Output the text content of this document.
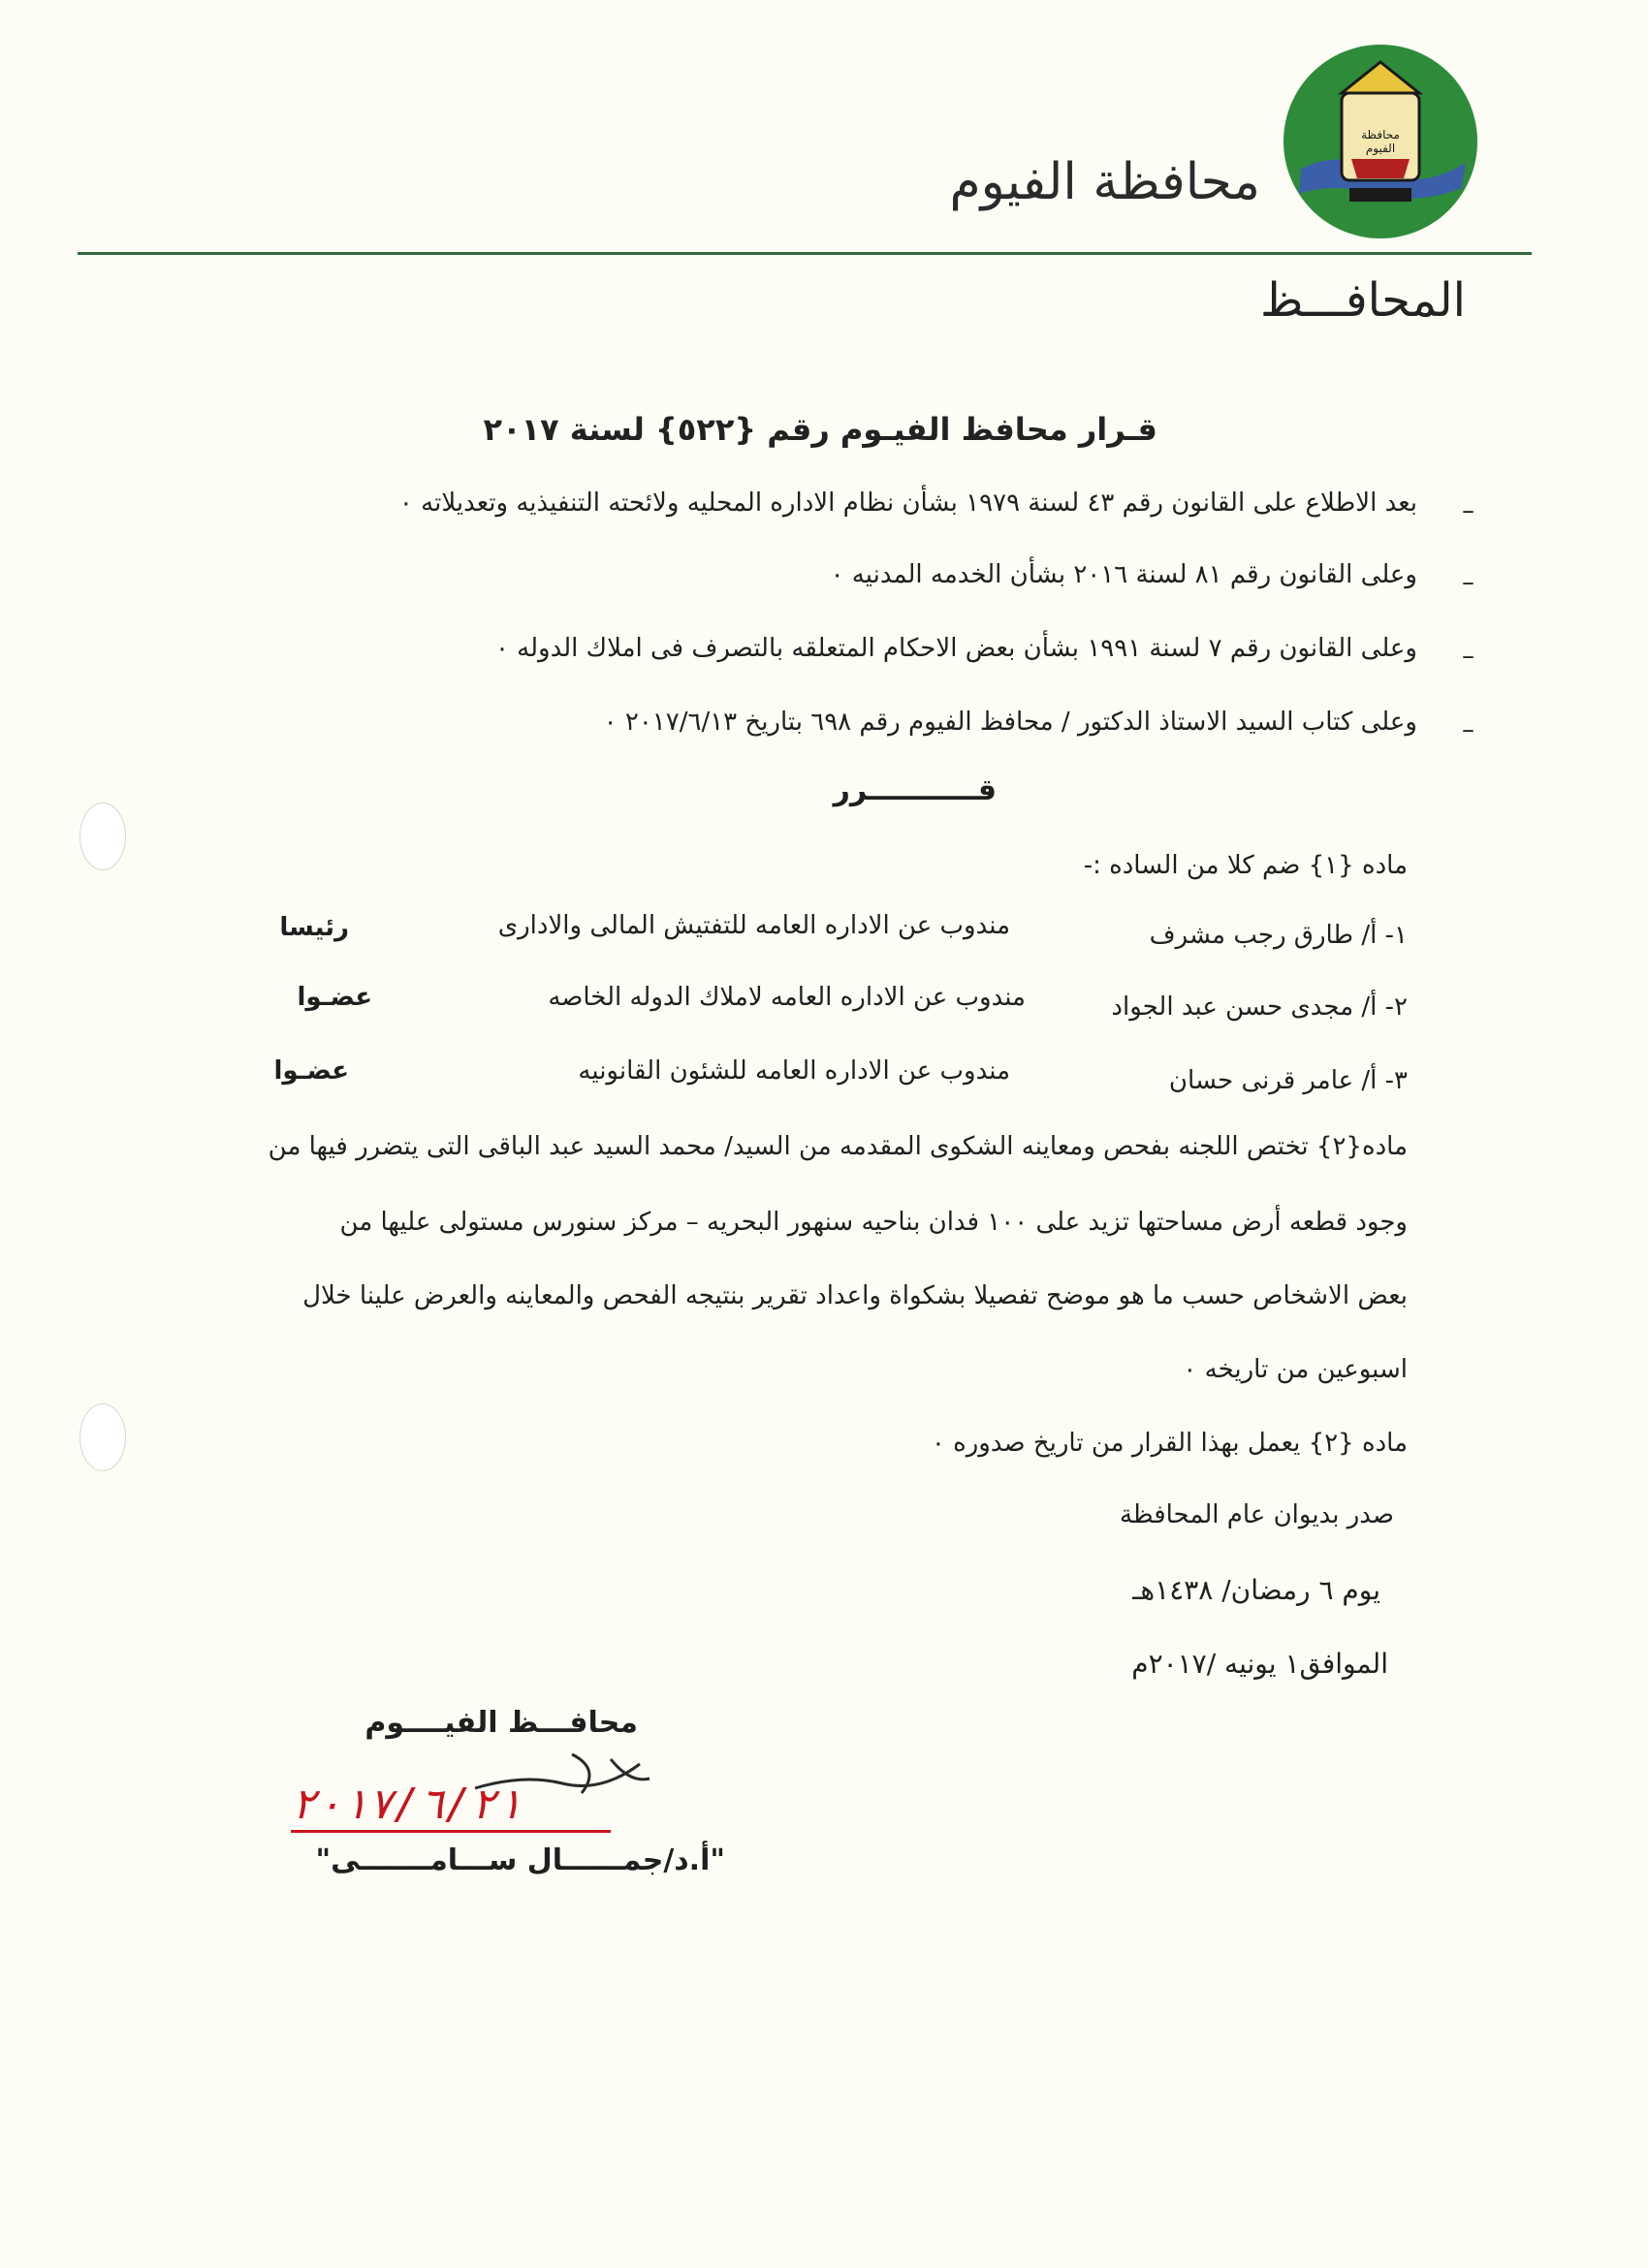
محافظة الفيوم
محافظة الفيوم
المحافـــظ
قـرار محافظ الفيـوم رقم {٥٢٢} لسنة ٢٠١٧
–
بعد الاطلاع على القانون رقم ٤٣ لسنة ١٩٧٩ بشأن نظام الاداره المحليه ولائحته التنفيذيه وتعديلاته ٠
–
وعلى القانون رقم ٨١ لسنة ٢٠١٦ بشأن الخدمه المدنيه ٠
–
وعلى القانون رقم ٧ لسنة ١٩٩١ بشأن بعض الاحكام المتعلقه بالتصرف فى املاك الدوله ٠
–
وعلى كتاب السيد الاستاذ الدكتور / محافظ الفيوم رقم ٦٩٨ بتاريخ ٢٠١٧/٦/١٣ ٠
قـــــــــــرر
ماده {١} ضم كلا من الساده :-
١- أ/ طارق رجب مشرف
مندوب عن الاداره العامه للتفتيش المالى والادارى
رئيسا
٢- أ/ مجدى حسن عبد الجواد
مندوب عن الاداره العامه لاملاك الدوله الخاصه
عضـوا
٣- أ/ عامر قرنى حسان
مندوب عن الاداره العامه للشئون القانونيه
عضـوا
ماده{٢} تختص اللجنه بفحص ومعاينه الشكوى المقدمه من السيد/ محمد السيد عبد الباقى التى يتضرر فيها من
وجود قطعه أرض مساحتها تزيد على ١٠٠ فدان بناحيه سنهور البحريه – مركز سنورس مستولى عليها من
بعض الاشخاص حسب ما هو موضح تفصيلا بشكواة واعداد تقرير بنتيجه الفحص والمعاينه والعرض علينا خلال
اسبوعين من تاريخه ٠
ماده {٢} يعمل بهذا القرار من تاريخ صدوره ٠
صدر بديوان عام المحافظة
يوم ٦ رمضان/ ١٤٣٨هـ
الموافق١ يونيه /٢٠١٧م
محافـــظ الفيــــوم
٢٠١٧/٦/٢١
"أ.د/جمــــــال ســـامـــــــى"
